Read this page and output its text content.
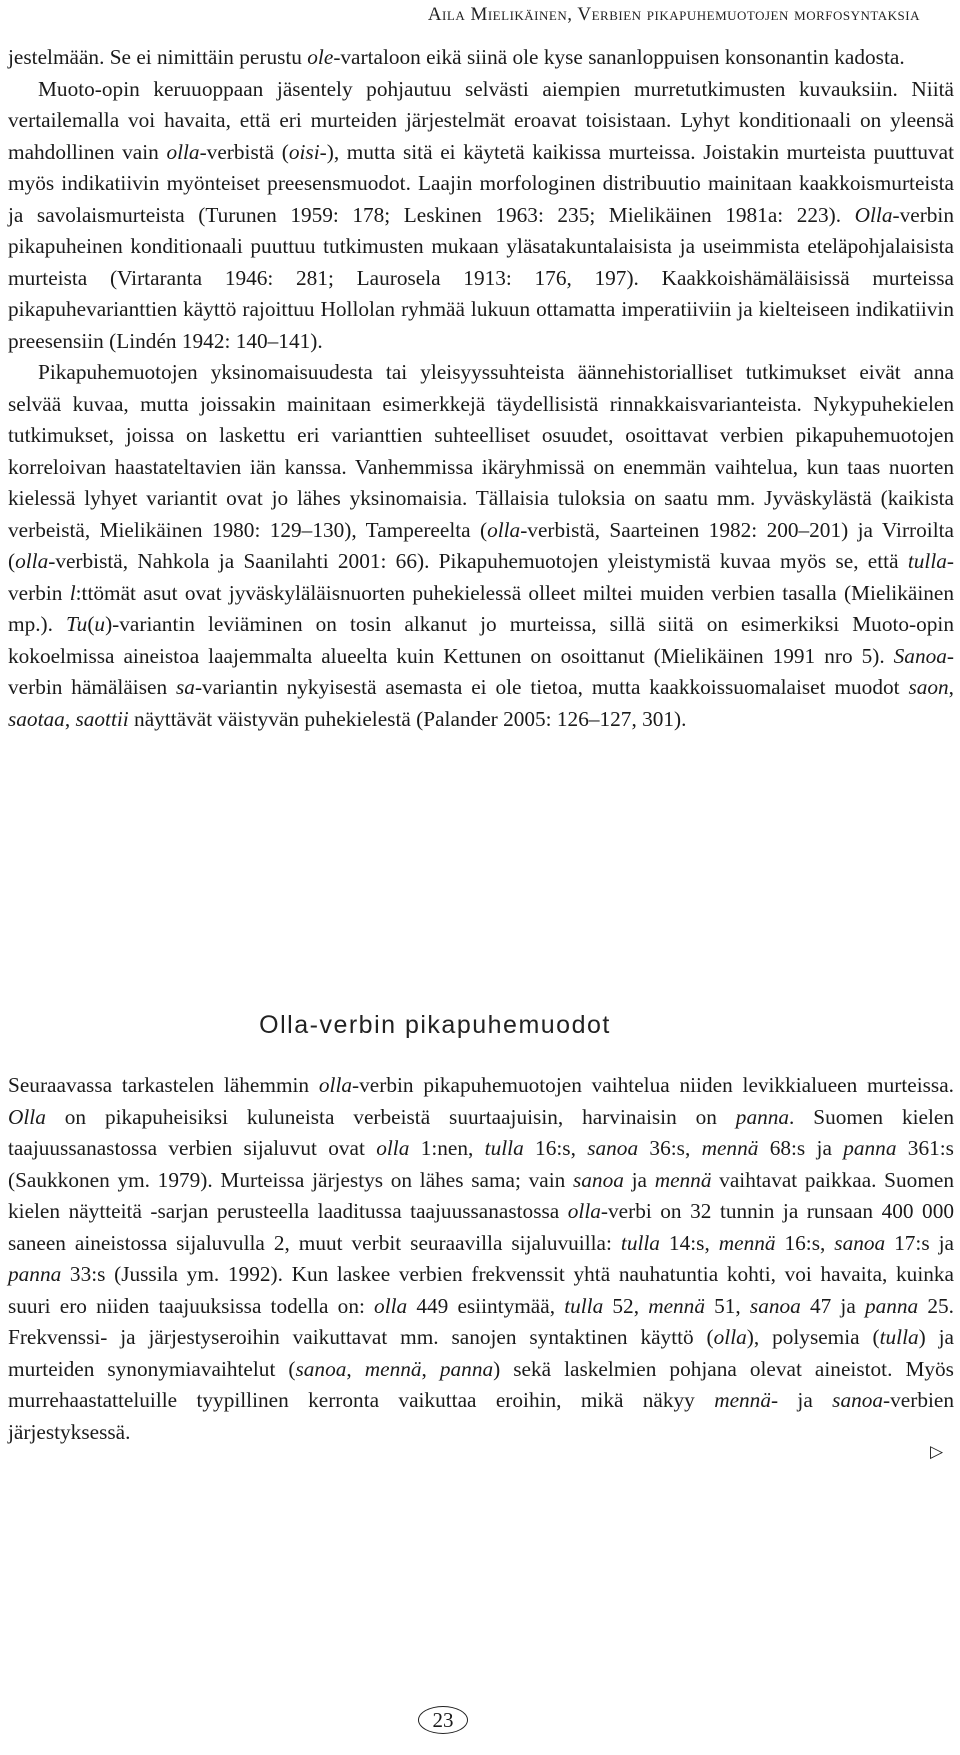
Aila Mielikäinen, Verbien pikapuhemuotojen morfosyntaksia

jestelmään. Se ei nimittäin perustu ole-vartaloon eikä siinä ole kyse sananloppuisen konsonantin kadosta.

Muoto-opin keruuoppaan jäsentely pohjautuu selvästi aiempien murretutkimusten kuvauksiin. Niitä vertailemalla voi havaita, että eri murteiden järjestelmät eroavat toisistaan. Lyhyt konditionaali on yleensä mahdollinen vain olla-verbistä (oisi-), mutta sitä ei käytetä kaikissa murteissa. Joistakin murteista puuttuvat myös indikatiivin myönteiset preesensmuodot. Laajin morfologinen distribuutio mainitaan kaakkoismurteista ja savolaismurteista (Turunen 1959: 178; Leskinen 1963: 235; Mielikäinen 1981a: 223). Olla-verbin pikapuheinen konditionaali puuttuu tutkimusten mukaan yläsatakuntalaisista ja useimmista eteläpohjalaisista murteista (Virtaranta 1946: 281; Laurosela 1913: 176, 197). Kaakkoishämäläisissä murteissa pikapuhevarianttien käyttö rajoittuu Hollolan ryhmää lukuun ottamatta imperatiiviin ja kielteiseen indikatiivin preesensiin (Lindén 1942: 140–141).

Pikapuhemuotojen yksinomaisuudesta tai yleisyyssuhteista äännehistorialliset tutkimukset eivät anna selvää kuvaa, mutta joissakin mainitaan esimerkkejä täydellisistä rinnakkaisvarianteista. Nykypuhekielen tutkimukset, joissa on laskettu eri varianttien suhteelliset osuudet, osoittavat verbien pikapuhemuotojen korreloivan haastateltavien iän kanssa. Vanhemmissa ikäryhmissä on enemmän vaihtelua, kun taas nuorten kielessä lyhyet variantit ovat jo lähes yksinomaisia. Tällaisia tuloksia on saatu mm. Jyväskylästä (kaikista verbeistä, Mielikäinen 1980: 129–130), Tampereelta (olla-verbistä, Saarteinen 1982: 200–201) ja Virroilta (olla-verbistä, Nahkola ja Saanilahti 2001: 66). Pikapuhemuotojen yleistymistä kuvaa myös se, että tulla-verbin l:ttömät asut ovat jyväskyläläisnuorten puhekielessä olleet miltei muiden verbien tasalla (Mielikäinen mp.). Tu(u)-variantin leviäminen on tosin alkanut jo murteissa, sillä siitä on esimerkiksi Muoto-opin kokoelmissa aineistoa laajemmalta alueelta kuin Kettunen on osoittanut (Mielikäinen 1991 nro 5). Sanoa-verbin hämäläisen sa-variantin nykyisestä asemasta ei ole tietoa, mutta kaakkoissuomalaiset muodot saon, saotaa, saottii näyttävät väistyvän puhekielestä (Palander 2005: 126–127, 301).

Olla-verbin pikapuhemuodot

Seuraavassa tarkastelen lähemmin olla-verbin pikapuhemuotojen vaihtelua niiden levikkialueen murteissa. Olla on pikapuheisiksi kuluneista verbeistä suurtaajuisin, harvinaisin on panna. Suomen kielen taajuussanastossa verbien sijaluvut ovat olla 1:nen, tulla 16:s, sanoa 36:s, mennä 68:s ja panna 361:s (Saukkonen ym. 1979). Murteissa järjestys on lähes sama; vain sanoa ja mennä vaihtavat paikkaa. Suomen kielen näytteitä -sarjan perusteella laaditussa taajuussanastossa olla-verbi on 32 tunnin ja runsaan 400 000 saneen aineistossa sijaluvulla 2, muut verbit seuraavilla sijaluvuilla: tulla 14:s, mennä 16:s, sanoa 17:s ja panna 33:s (Jussila ym. 1992). Kun laskee verbien frekvenssit yhtä nauhatuntia kohti, voi havaita, kuinka suuri ero niiden taajuuksissa todella on: olla 449 esiintymää, tulla 52, mennä 51, sanoa 47 ja panna 25. Frekvenssi- ja järjestyseroihin vaikuttavat mm. sanojen syntaktinen käyttö (olla), polysemia (tulla) ja murteiden synonymiavaihtelut (sanoa, mennä, panna) sekä laskelmien pohjana olevat aineistot. Myös murrehaastatteluille tyypillinen kerronta vaikuttaa eroihin, mikä näkyy mennä- ja sanoa-verbien järjestyksessä.

▷
23
